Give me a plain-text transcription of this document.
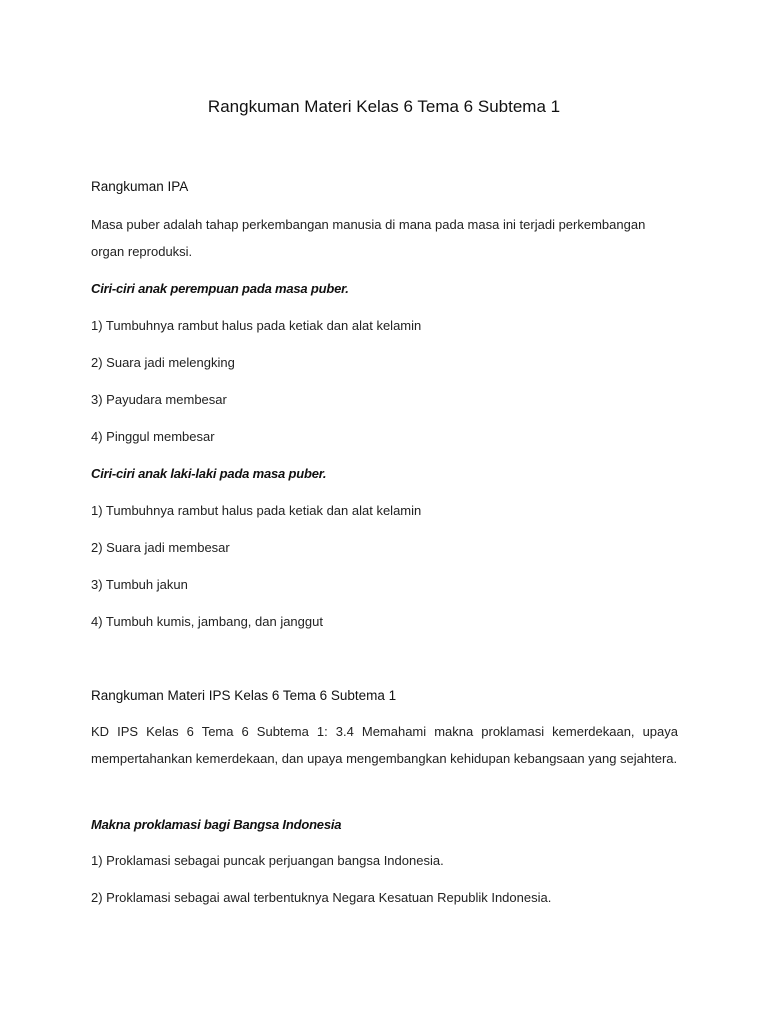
Rangkuman Materi Kelas 6 Tema 6 Subtema 1
Rangkuman IPA

Masa puber adalah tahap perkembangan manusia di mana pada masa ini terjadi perkembangan organ reproduksi.

Ciri-ciri anak perempuan pada masa puber.

1) Tumbuhnya rambut halus pada ketiak dan alat kelamin

2) Suara jadi melengking

3) Payudara membesar

4) Pinggul membesar

Ciri-ciri anak laki-laki pada masa puber.

1) Tumbuhnya rambut halus pada ketiak dan alat kelamin

2) Suara jadi membesar

3) Tumbuh jakun

4) Tumbuh kumis, jambang, dan janggut

Rangkuman Materi IPS Kelas 6 Tema 6 Subtema 1

KD IPS Kelas 6 Tema 6 Subtema 1: 3.4 Memahami makna proklamasi kemerdekaan, upaya mempertahankan kemerdekaan, dan upaya mengembangkan kehidupan kebangsaan yang sejahtera.

Makna proklamasi bagi Bangsa Indonesia

1) Proklamasi sebagai puncak perjuangan bangsa Indonesia.

2) Proklamasi sebagai awal terbentuknya Negara Kesatuan Republik Indonesia.
